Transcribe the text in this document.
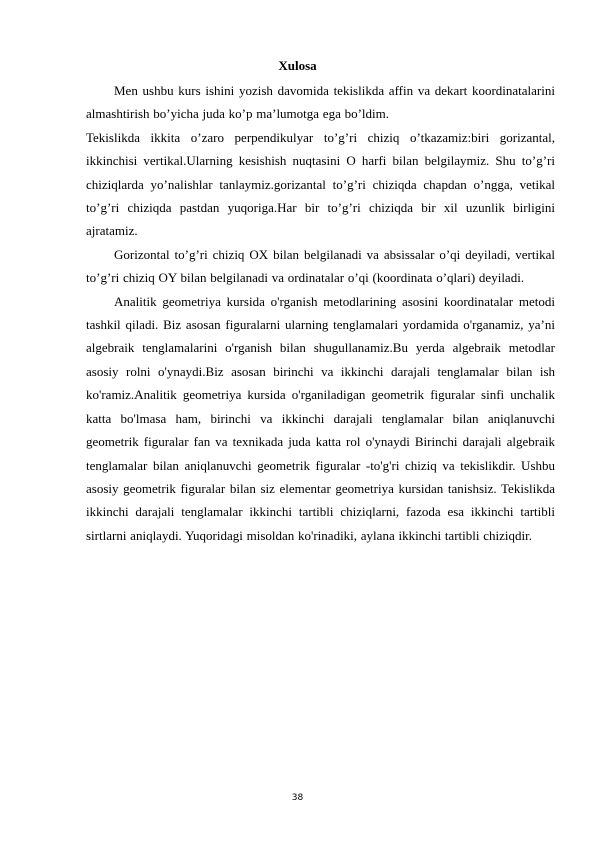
Xulosa

Men ushbu kurs ishini yozish davomida tekislikda affin va dekart koordinatalarini almashtirish bo’yicha juda ko’p ma’lumotga ega bo’ldim.

Tekislikda ikkita o’zaro perpendikulyar to’g’ri chiziq o’tkazamiz:biri gorizantal, ikkinchisi vertikal.Ularning kesishish nuqtasini O harfi bilan belgilaymiz. Shu to’g’ri chiziqlarda yo’nalishlar tanlaymiz.gorizantal to’g’ri chiziqda chapdan o’ngga, vetikal to’g’ri chiziqda pastdan yuqoriga.Har bir to’g’ri chiziqda bir xil uzunlik birligini ajratamiz.

Gorizontal to’g’ri chiziq OX bilan belgilanadi va absissalar o’qi deyiladi, vertikal to’g’ri chiziq OY bilan belgilanadi va ordinatalar o’qi (koordinata o’qlari) deyiladi.

Analitik geometriya kursida o'rganish metodlarining asosini koordinatalar metodi tashkil qiladi. Biz asosan figuralarni ularning tenglamalari yordamida o'rganamiz, ya’ni algebraik tenglamalarini o'rganish bilan shugullanamiz.Bu yerda algebraik metodlar asosiy rolni o'ynaydi.Biz asosan birinchi va ikkinchi darajali tenglamalar bilan ish ko'ramiz.Analitik geometriya kursida o'rganiladigan geometrik figuralar sinfi unchalik katta bo'lmasa ham, birinchi va ikkinchi darajali tenglamalar bilan aniqlanuvchi geometrik figuralar fan va texnikada juda katta rol o'ynaydi Birinchi darajali algebraik tenglamalar bilan aniqlanuvchi geometrik figuralar -to'g'ri chiziq va tekislikdir. Ushbu asosiy geometrik figuralar bilan siz elementar geometriya kursidan tanishsiz. Tekislikda ikkinchi darajali tenglamalar ikkinchi tartibli chiziqlarni, fazoda esa ikkinchi tartibli sirtlarni aniqlaydi. Yuqoridagi misoldan ko'rinadiki, aylana ikkinchi tartibli chiziqdir.

38
